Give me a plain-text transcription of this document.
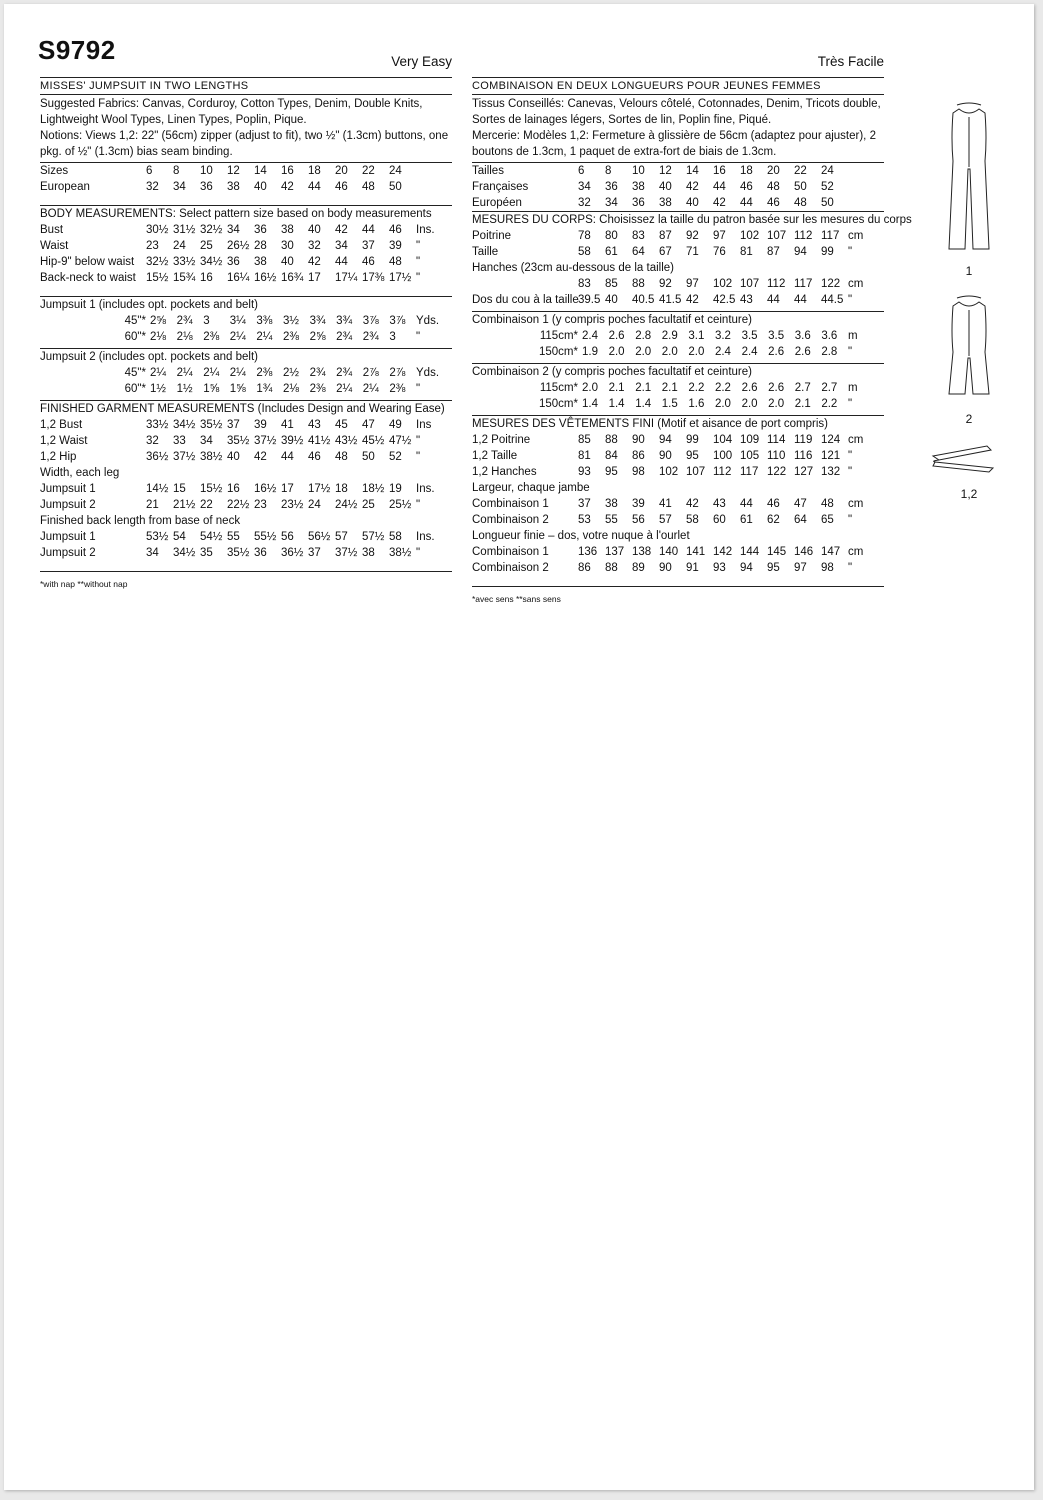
S9792	Very Easy
MISSES' JUMPSUIT IN TWO LENGTHS
Suggested Fabrics: Canvas, Corduroy, Cotton Types, Denim, Double Knits, Lightweight Wool Types, Linen Types, Poplin, Pique.
Notions: Views 1,2: 22" (56cm) zipper (adjust to fit), two ½" (1.3cm) buttons, one pkg. of ½" (1.3cm) bias seam binding.
Sizes	6	8	10	12	14	16	18	20	22	24	
European	32	34	36	38	40	42	44	46	48	50	
BODY MEASUREMENTS: Select pattern size based on body measurements
Bust	30½	31½	32½	34	36	38	40	42	44	46	Ins.
Waist	23	24	25	26½	28	30	32	34	37	39	"
Hip-9" below waist	32½	33½	34½	36	38	40	42	44	46	48	"
Back-neck to waist	15½	15¾	16	16¼	16½	16¾	17	17¼	17⅜	17½	"
Jumpsuit 1 (includes opt. pockets and belt)
45"*	2⅝	2¾	3	3¼	3⅜	3½	3¾	3¾	3⅞	3⅞	Yds.
60"*	2⅛	2⅛	2⅜	2¼	2¼	2⅜	2⅝	2¾	2¾	3	"
Jumpsuit 2 (includes opt. pockets and belt)
45"*	2¼	2¼	2¼	2¼	2⅜	2½	2¾	2¾	2⅞	2⅞	Yds.
60"*	1½	1½	1⅝	1⅝	1¾	2⅛	2⅜	2¼	2¼	2⅜	"
FINISHED GARMENT MEASUREMENTS (Includes Design and Wearing Ease)
1,2 Bust	33½	34½	35½	37	39	41	43	45	47	49	Ins
1,2 Waist	32	33	34	35½	37½	39½	41½	43½	45½	47½	"
1,2 Hip	36½	37½	38½	40	42	44	46	48	50	52	"
Width, each leg
Jumpsuit 1	14½	15	15½	16	16½	17	17½	18	18½	19	Ins.
Jumpsuit 2	21	21½	22	22½	23	23½	24	24½	25	25½	"
Finished back length from base of neck
Jumpsuit 1	53½	54	54½	55	55½	56	56½	57	57½	58	Ins.
Jumpsuit 2	34	34½	35	35½	36	36½	37	37½	38	38½	"
*with nap **without nap
Très Facile
COMBINAISON EN DEUX LONGUEURS POUR JEUNES FEMMES
Tissus Conseillés: Canevas, Velours côtelé, Cotonnades, Denim, Tricots double, Sortes de lainages légers, Sortes de lin, Poplin fine, Piqué.
Mercerie: Modèles 1,2: Fermeture à glissière de 56cm (adaptez pour ajuster), 2 boutons de 1.3cm, 1 paquet de extra-fort de biais de 1.3cm.
Tailles	6	8	10	12	14	16	18	20	22	24	
Françaises	34	36	38	40	42	44	46	48	50	52	
Européen	32	34	36	38	40	42	44	46	48	50	
MESURES DU CORPS: Choisissez la taille du patron basée sur les mesures du corps
Poitrine	78	80	83	87	92	97	102	107	112	117	cm
Taille	58	61	64	67	71	76	81	87	94	99	"
Hanches (23cm au-dessous de la taille)
	83	85	88	92	97	102	107	112	117	122	cm
Dos du cou à la taille	39.5	40	40.5	41.5	42	42.5	43	44	44	44.5	"
Combinaison 1 (y compris poches facultatif et ceinture)
115cm*	2.4	2.6	2.8	2.9	3.1	3.2	3.5	3.5	3.6	3.6	m
150cm*	1.9	2.0	2.0	2.0	2.0	2.4	2.4	2.6	2.6	2.8	"
Combinaison 2 (y compris poches facultatif et ceinture)
115cm*	2.0	2.1	2.1	2.1	2.2	2.2	2.6	2.6	2.7	2.7	m
150cm*	1.4	1.4	1.4	1.5	1.6	2.0	2.0	2.0	2.1	2.2	"
MESURES DES VÊTEMENTS FINI (Motif et aisance de port compris)
1,2 Poitrine	85	88	90	94	99	104	109	114	119	124	cm
1,2 Taille	81	84	86	90	95	100	105	110	116	121	"
1,2 Hanches	93	95	98	102	107	112	117	122	127	132	"
Largeur, chaque jambe
Combinaison 1	37	38	39	41	42	43	44	46	47	48	cm
Combinaison 2	53	55	56	57	58	60	61	62	64	65	"
Longueur finie – dos, votre nuque à l'ourlet
Combinaison 1	136	137	138	140	141	142	144	145	146	147	cm
Combinaison 2	86	88	89	90	91	93	94	95	97	98	"
*avec sens **sans sens
1
2
1,2
